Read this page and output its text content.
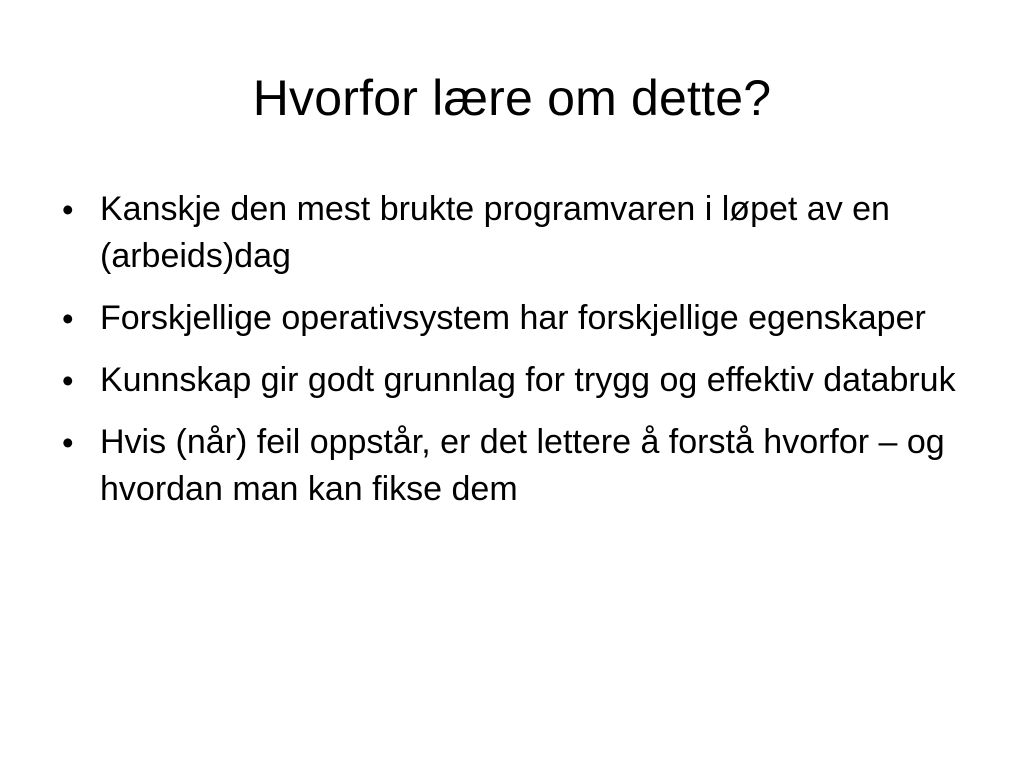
Hvorfor lære om dette?
• Kanskje den mest brukte programvaren i løpet av en (arbeids)dag
• Forskjellige operativsystem har forskjellige egenskaper
• Kunnskap gir godt grunnlag for trygg og effektiv databruk
• Hvis (når) feil oppstår, er det lettere å forstå hvorfor – og hvordan man kan fikse dem
